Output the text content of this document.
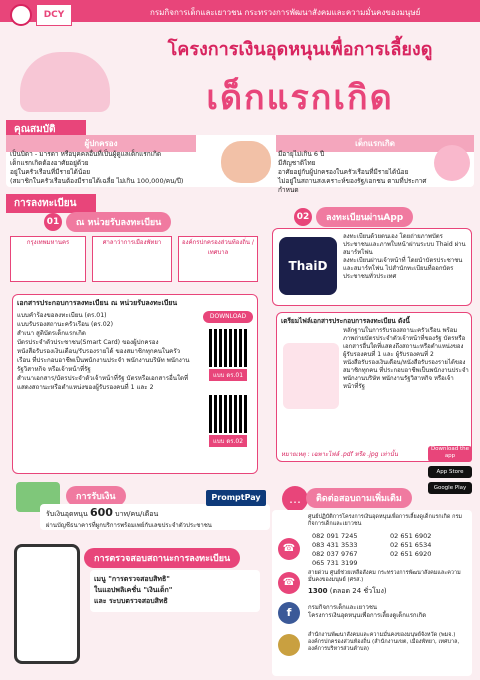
DCY	กรมกิจการเด็กและเยาวชน กระทรวงการพัฒนาสังคมและความมั่นคงของมนุษย์
โครงการเงินอุดหนุนเพื่อการเลี้ยงดู
เด็กแรกเกิด
คุณสมบัติ
ผู้ปกครอง	เด็กแรกเกิด
เป็นบิดา - มารดา หรือบุคคลอื่นที่เป็นผู้ดูแลเด็กแรกเกิด
เด็กแรกเกิดต้องอาศัยอยู่ด้วย
อยู่ในครัวเรือนที่มีรายได้น้อย
(สมาชิกในครัวเรือนต้องมีรายได้เฉลี่ย ไม่เกิน 100,000/คน/ปี)
มีอายุไม่เกิน 6 ปี
มีสัญชาติไทย
อาศัยอยู่กับผู้ปกครองในครัวเรือนที่มีรายได้น้อย
ไม่อยู่ในสถานสงเคราะห์ของรัฐ/เอกชน ตามที่ประกาศกำหนด
การลงทะเบียน
01	ณ หน่วยรับลงทะเบียน
กรุงเทพมหานคร	ศาลาว่าการเมืองพัทยา	องค์กรปกครองส่วนท้องถิ่น / เทศบาล
02	ลงทะเบียนผ่านApp
ThaiD
ลงทะเบียนด้วยตนเอง โดยถ่ายภาพบัตรประชาชนและภาพใบหน้าผ่านระบบ Thaid ผ่านสมาร์ทโฟน
ลงทะเบียนผ่านเจ้าหน้าที่ โดยนำบัตรประชาชนและสมาร์ทโฟน ไปสำนักทะเบียนที่ออกบัตรประชาชนทั่วประเทศ
เอกสารประกอบการลงทะเบียน ณ หน่วยรับลงทะเบียน
แบบคำร้องขอลงทะเบียน (ดร.01)
แบบรับรองสถานะครัวเรือน (ดร.02)
สำเนา สูติบัตรเด็กแรกเกิด
บัตรประจำตัวประชาชน(Smart Card) ของผู้ปกครอง
หนังสือรับรองเงินเดือน/รับรองรายได้ ของสมาชิกทุกคนในครัวเรือน ที่ประกอบอาชีพเป็นพนักงานประจำ พนักงานบริษัท พนักงานรัฐวิสาหกิจ หรือเจ้าหน้าที่รัฐ
สำเนาเอกสาร/บัตรประจำตัวเจ้าหน้าที่รัฐ บัตรหรือเอกสารอื่นใดที่แสดงสถานะหรือตำแหน่งของผู้รับรองคนที่ 1 และ 2
DOWNLOAD
แบบ ดร.01
แบบ ดร.02
เตรียมไฟล์เอกสารประกอบการลงทะเบียน ดังนี้
หลักฐานในการรับรองสถานะครัวเรือน พร้อมภาพถ่ายบัตรประจำตัวเจ้าหน้าที่ของรัฐ บัตรหรือเอกสารอื่นใดที่แสดงถึงสถานะหรือตำแหน่งของผู้รับรองคนที่ 1 และ ผู้รับรองคนที่ 2
หนังสือรับรองเงินเดือน/หนังสือรับรองรายได้ของสมาชิกทุกคน ที่ประกอบอาชีพเป็นพนักงานประจำ พนักงานบริษัท พนักงานรัฐวิสาหกิจ หรือเจ้าหน้าที่รัฐ
หมายเหตุ : เฉพาะไฟล์ .pdf หรือ .jpg เท่านั้น
Download the app
App Store
Google Play
การรับเงิน
รับเงินอุดหนุน 600 บาท/คน/เดือน
ผ่านบัญชีธนาคารที่ผูกบริการพร้อมเพย์กับเลขประจำตัวประชาชน
PromptPay
การตรวจสอบสถานะการลงทะเบียน
เมนู "การตรวจสอบสิทธิ"
ในแอปพลิเคชั่น "เงินเด็ก"
และ ระบบตรวจสอบสิทธิ
…	ติดต่อสอบถามเพิ่มเติม
ศูนย์ปฏิบัติการโครงการเงินอุดหนุนเพื่อการเลี้ยงดูเด็กแรกเกิด กรมกิจการเด็กและเยาวชน
☎
082 091 7245	02 651 6902
083 431 3533	02 651 6534
082 037 9767	02 651 6920
065 731 3199
☎
สายด่วน ศูนย์ช่วยเหลือสังคม กระทรวงการพัฒนาสังคมและความมั่นคงของมนุษย์ (ศรส.)
1300 (ตลอด 24 ชั่วโมง)
f	กรมกิจการเด็กและเยาวชน
โครงการเงินอุดหนุนเพื่อการเลี้ยงดูเด็กแรกเกิด
สำนักงานพัฒนาสังคมและความมั่นคงของมนุษย์จังหวัด (พมจ.) องค์กรปกครองส่วนท้องถิ่น (สำนักงานเขต, เมืองพัทยา, เทศบาล, องค์การบริหารส่วนตำบล)
